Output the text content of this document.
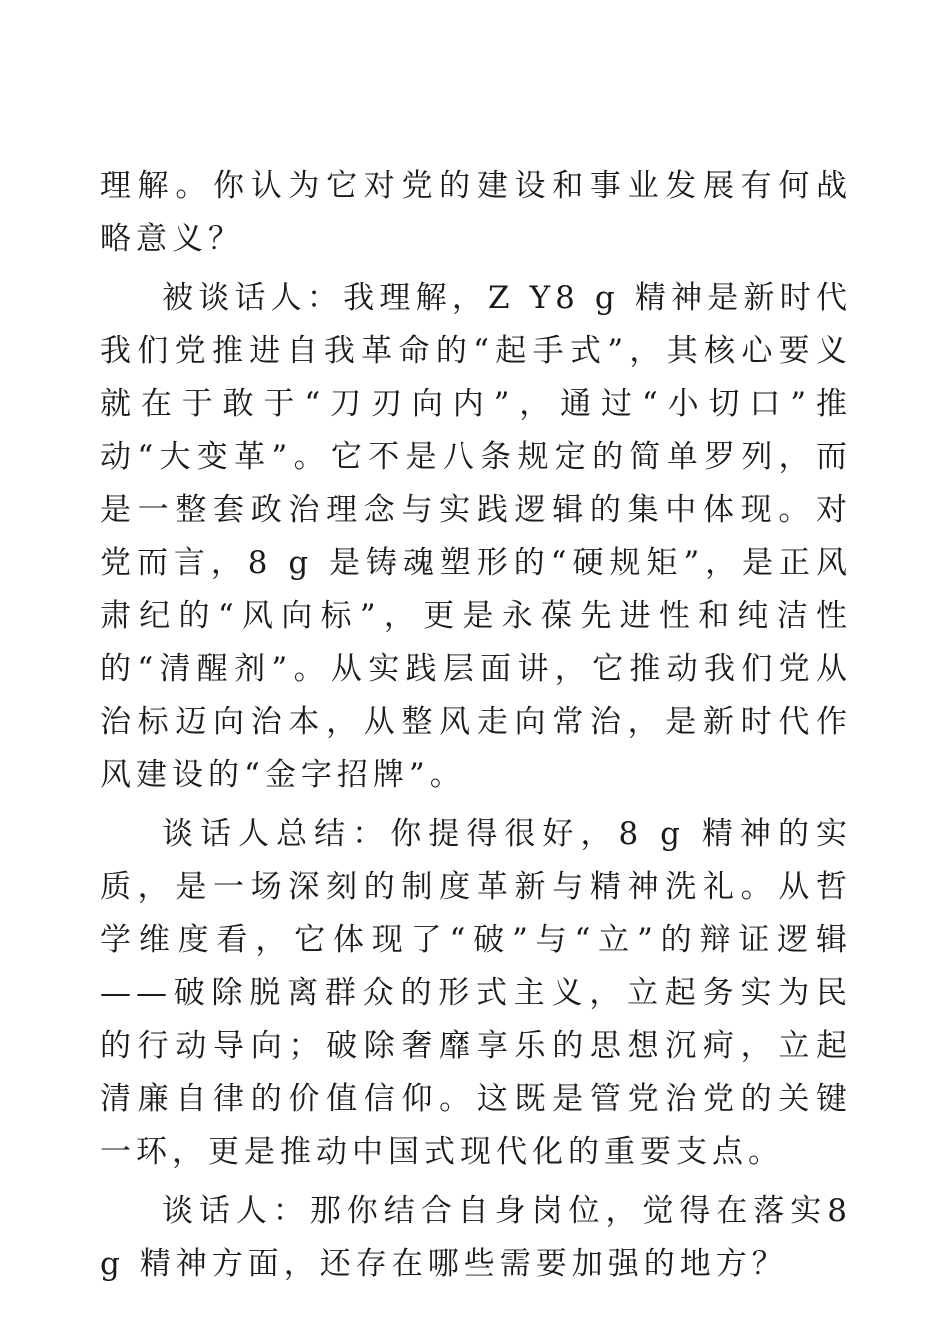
理解。你认为它对党的建设和事业发展有何战略意义？

被谈话人：我理解，Z Y8 g 精神是新时代我们党推进自我革命的“起手式”，其核心要义就在于敢于“刀刃向内”，通过“小切口”推动“大变革”。它不是八条规定的简单罗列，而是一整套政治理念与实践逻辑的集中体现。对党而言，8 g 是铸魂塑形的“硬规矩”，是正风肃纪的“风向标”，更是永葆先进性和纯洁性的“清醒剂”。从实践层面讲，它推动我们党从治标迈向治本，从整风走向常治，是新时代作风建设的“金字招牌”。

谈话人总结：你提得很好，8 g 精神的实质，是一场深刻的制度革新与精神洗礼。从哲学维度看，它体现了“破”与“立”的辩证逻辑——破除脱离群众的形式主义，立起务实为民的行动导向；破除奢靡享乐的思想沉疴，立起清廉自律的价值信仰。这既是管党治党的关键一环，更是推动中国式现代化的重要支点。

谈话人：那你结合自身岗位，觉得在落实8 g 精神方面，还存在哪些需要加强的地方？
